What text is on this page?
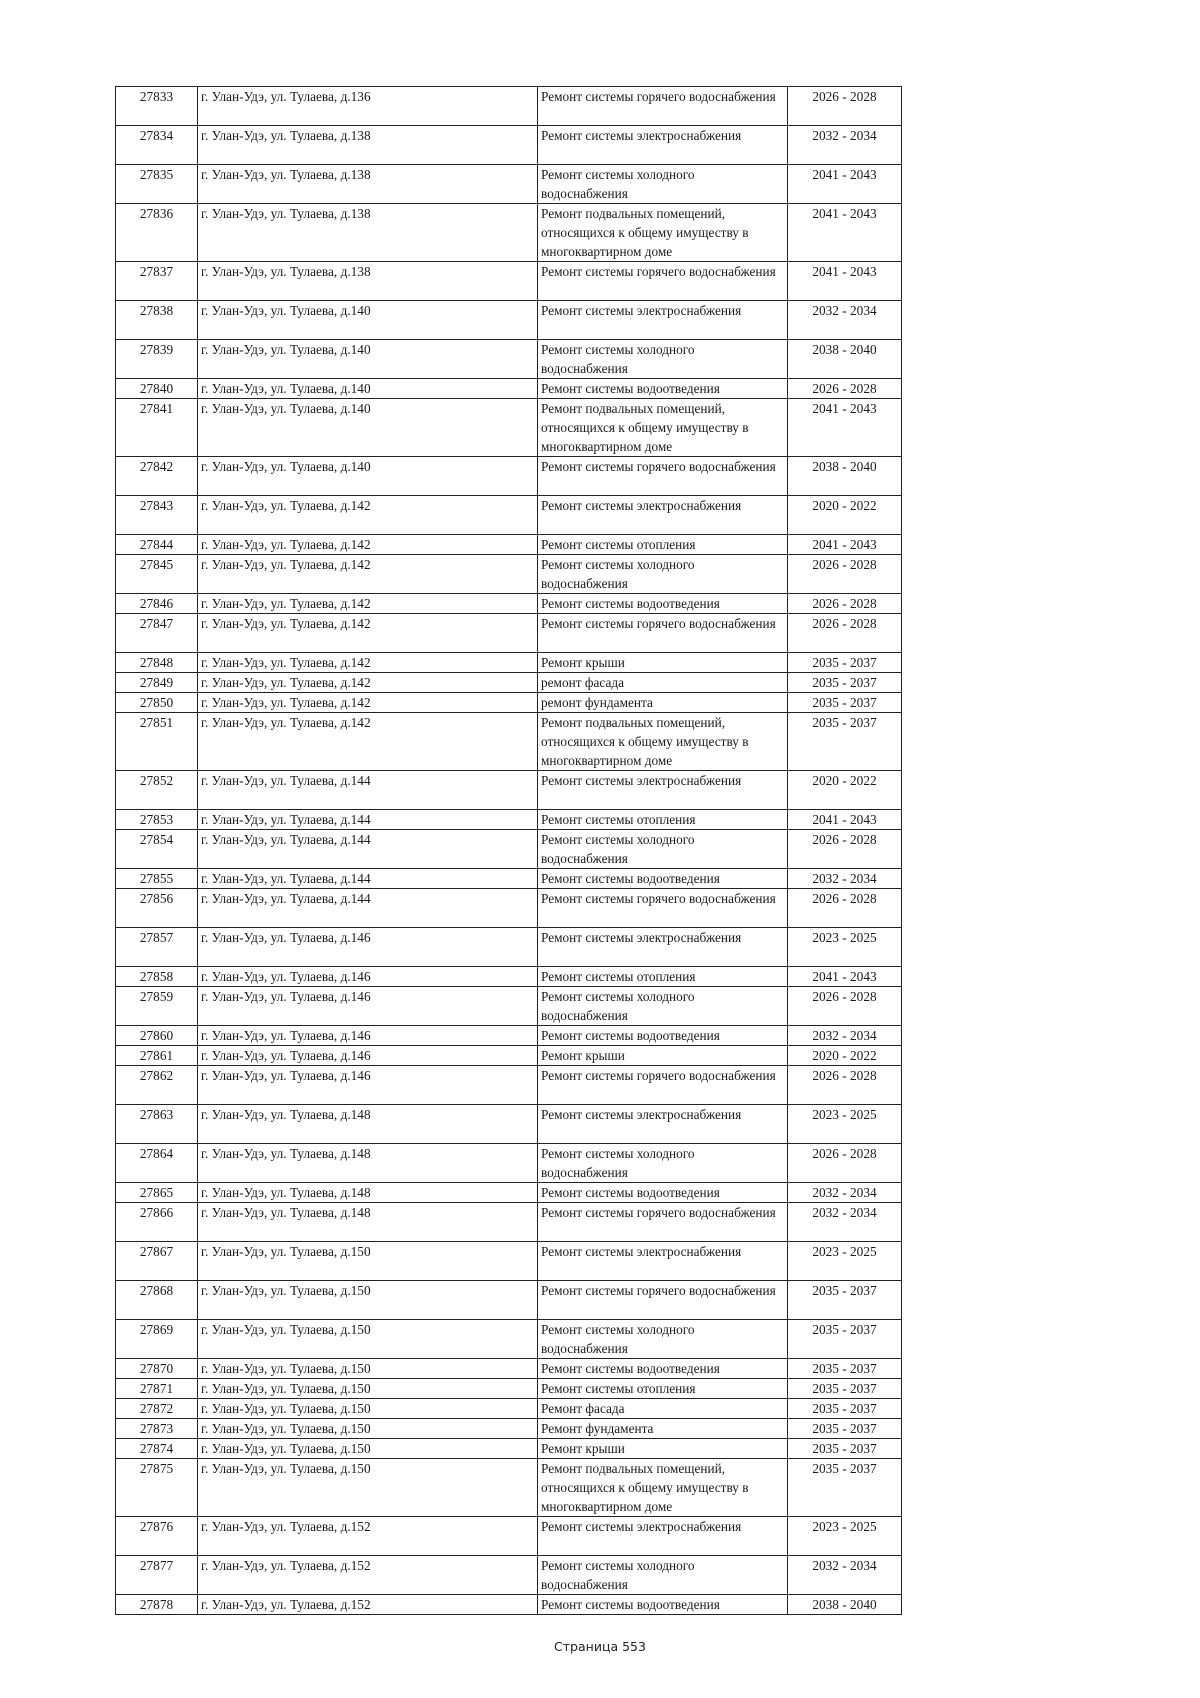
27833	г. Улан-Удэ, ул. Тулаева, д.136	Ремонт системы горячего водоснабжения	2026 - 2028
27834	г. Улан-Удэ, ул. Тулаева, д.138	Ремонт системы электроснабжения	2032 - 2034
27835	г. Улан-Удэ, ул. Тулаева, д.138	Ремонт системы холодного водоснабжения	2041 - 2043
27836	г. Улан-Удэ, ул. Тулаева, д.138	Ремонт подвальных помещений, относящихся к общему имуществу в многоквартирном доме	2041 - 2043
27837	г. Улан-Удэ, ул. Тулаева, д.138	Ремонт системы горячего водоснабжения	2041 - 2043
27838	г. Улан-Удэ, ул. Тулаева, д.140	Ремонт системы электроснабжения	2032 - 2034
27839	г. Улан-Удэ, ул. Тулаева, д.140	Ремонт системы холодного водоснабжения	2038 - 2040
27840	г. Улан-Удэ, ул. Тулаева, д.140	Ремонт системы водоотведения	2026 - 2028
27841	г. Улан-Удэ, ул. Тулаева, д.140	Ремонт подвальных помещений, относящихся к общему имуществу в многоквартирном доме	2041 - 2043
27842	г. Улан-Удэ, ул. Тулаева, д.140	Ремонт системы горячего водоснабжения	2038 - 2040
27843	г. Улан-Удэ, ул. Тулаева, д.142	Ремонт системы электроснабжения	2020 - 2022
27844	г. Улан-Удэ, ул. Тулаева, д.142	Ремонт системы отопления	2041 - 2043
27845	г. Улан-Удэ, ул. Тулаева, д.142	Ремонт системы холодного водоснабжения	2026 - 2028
27846	г. Улан-Удэ, ул. Тулаева, д.142	Ремонт системы водоотведения	2026 - 2028
27847	г. Улан-Удэ, ул. Тулаева, д.142	Ремонт системы горячего водоснабжения	2026 - 2028
27848	г. Улан-Удэ, ул. Тулаева, д.142	Ремонт крыши	2035 - 2037
27849	г. Улан-Удэ, ул. Тулаева, д.142	ремонт фасада	2035 - 2037
27850	г. Улан-Удэ, ул. Тулаева, д.142	ремонт фундамента	2035 - 2037
27851	г. Улан-Удэ, ул. Тулаева, д.142	Ремонт подвальных помещений, относящихся к общему имуществу в многоквартирном доме	2035 - 2037
27852	г. Улан-Удэ, ул. Тулаева, д.144	Ремонт системы электроснабжения	2020 - 2022
27853	г. Улан-Удэ, ул. Тулаева, д.144	Ремонт системы отопления	2041 - 2043
27854	г. Улан-Удэ, ул. Тулаева, д.144	Ремонт системы холодного водоснабжения	2026 - 2028
27855	г. Улан-Удэ, ул. Тулаева, д.144	Ремонт системы водоотведения	2032 - 2034
27856	г. Улан-Удэ, ул. Тулаева, д.144	Ремонт системы горячего водоснабжения	2026 - 2028
27857	г. Улан-Удэ, ул. Тулаева, д.146	Ремонт системы электроснабжения	2023 - 2025
27858	г. Улан-Удэ, ул. Тулаева, д.146	Ремонт системы отопления	2041 - 2043
27859	г. Улан-Удэ, ул. Тулаева, д.146	Ремонт системы холодного водоснабжения	2026 - 2028
27860	г. Улан-Удэ, ул. Тулаева, д.146	Ремонт системы водоотведения	2032 - 2034
27861	г. Улан-Удэ, ул. Тулаева, д.146	Ремонт крыши	2020 - 2022
27862	г. Улан-Удэ, ул. Тулаева, д.146	Ремонт системы горячего водоснабжения	2026 - 2028
27863	г. Улан-Удэ, ул. Тулаева, д.148	Ремонт системы электроснабжения	2023 - 2025
27864	г. Улан-Удэ, ул. Тулаева, д.148	Ремонт системы холодного водоснабжения	2026 - 2028
27865	г. Улан-Удэ, ул. Тулаева, д.148	Ремонт системы водоотведения	2032 - 2034
27866	г. Улан-Удэ, ул. Тулаева, д.148	Ремонт системы горячего водоснабжения	2032 - 2034
27867	г. Улан-Удэ, ул. Тулаева, д.150	Ремонт системы электроснабжения	2023 - 2025
27868	г. Улан-Удэ, ул. Тулаева, д.150	Ремонт системы горячего водоснабжения	2035 - 2037
27869	г. Улан-Удэ, ул. Тулаева, д.150	Ремонт системы холодного водоснабжения	2035 - 2037
27870	г. Улан-Удэ, ул. Тулаева, д.150	Ремонт системы водоотведения	2035 - 2037
27871	г. Улан-Удэ, ул. Тулаева, д.150	Ремонт системы отопления	2035 - 2037
27872	г. Улан-Удэ, ул. Тулаева, д.150	Ремонт фасада	2035 - 2037
27873	г. Улан-Удэ, ул. Тулаева, д.150	Ремонт фундамента	2035 - 2037
27874	г. Улан-Удэ, ул. Тулаева, д.150	Ремонт крыши	2035 - 2037
27875	г. Улан-Удэ, ул. Тулаева, д.150	Ремонт подвальных помещений, относящихся к общему имуществу в многоквартирном доме	2035 - 2037
27876	г. Улан-Удэ, ул. Тулаева, д.152	Ремонт системы электроснабжения	2023 - 2025
27877	г. Улан-Удэ, ул. Тулаева, д.152	Ремонт системы холодного водоснабжения	2032 - 2034
27878	г. Улан-Удэ, ул. Тулаева, д.152	Ремонт системы водоотведения	2038 - 2040
Страница 553
